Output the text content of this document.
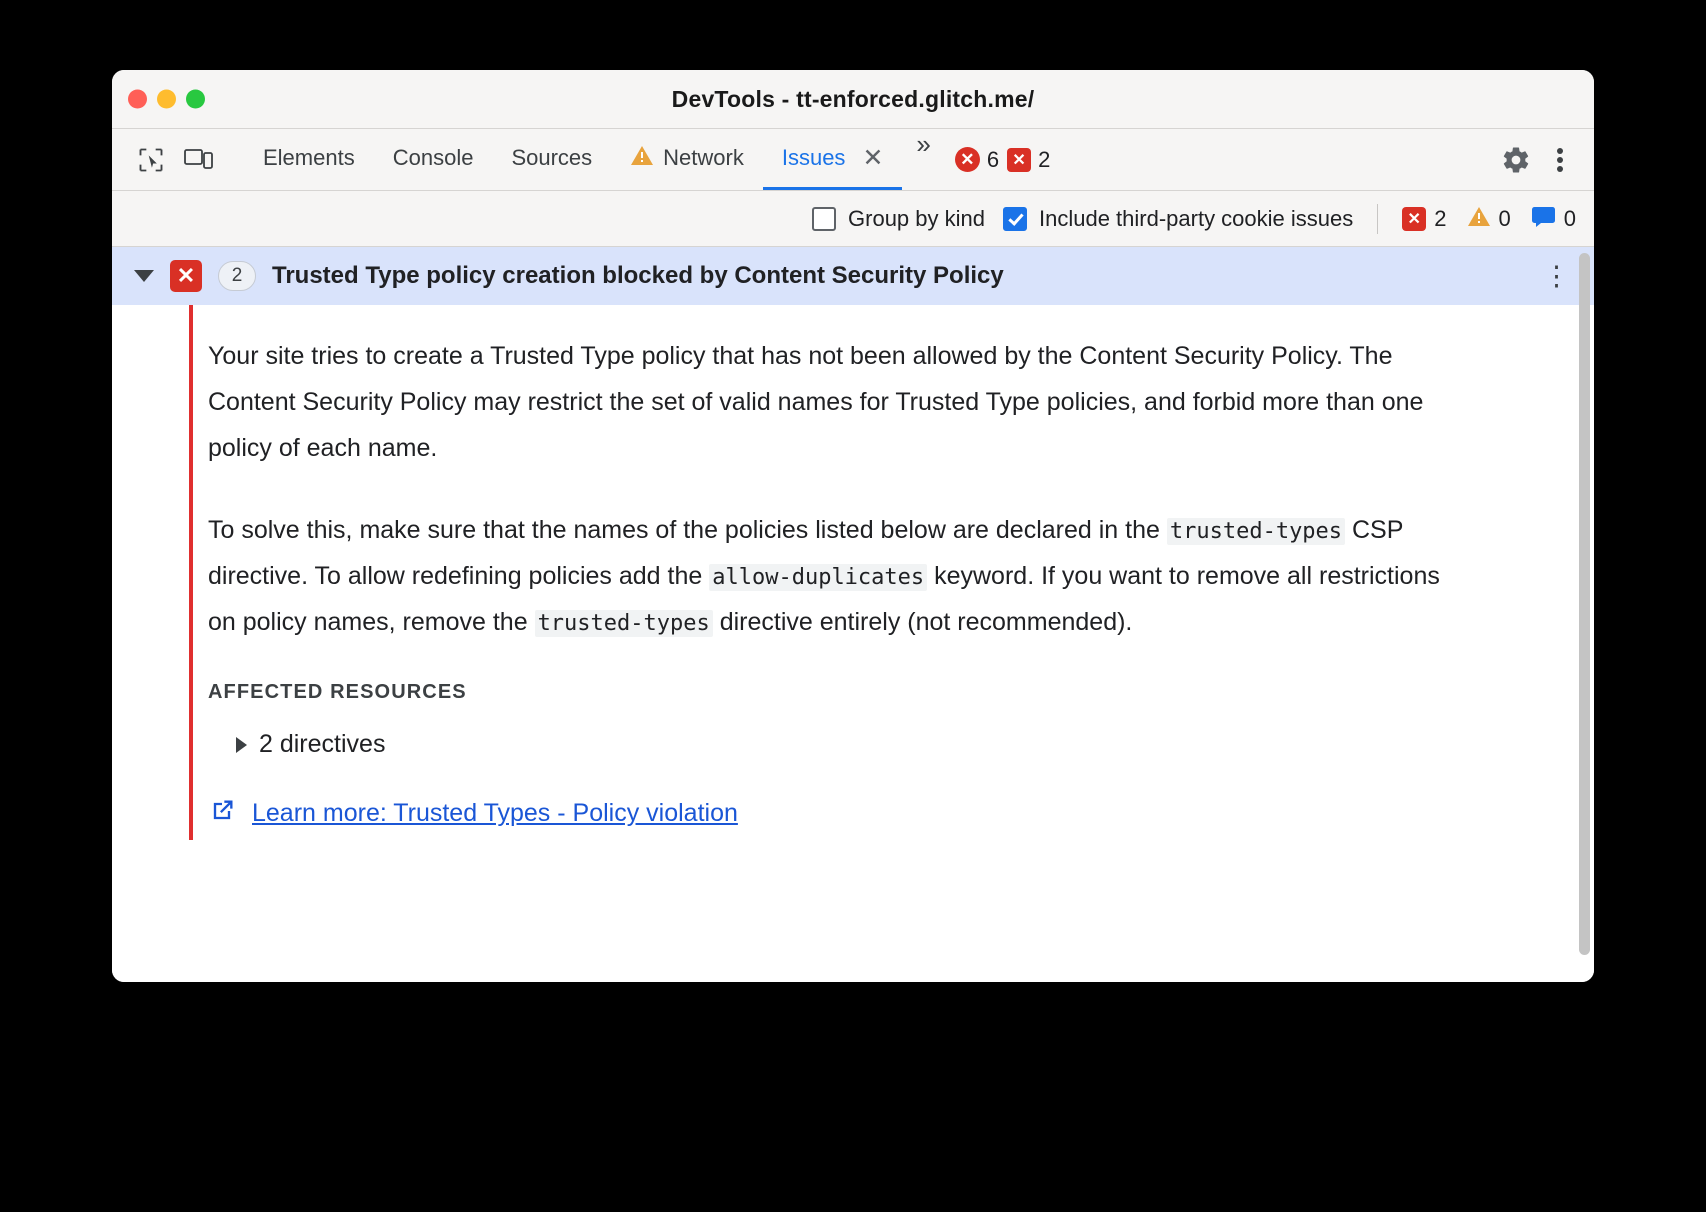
DevTools - tt-enforced.glitch.me/
Elements Console Sources	Network Issues ✕	»	✕ 6 ✕ 2
Group by kind Include third-party cookie issues	✕ 2 0 0
✕	2	Trusted Type policy creation blocked by Content Security Policy	⋮

Your site tries to create a Trusted Type policy that has not been allowed by the Content Security Policy. The Content Security Policy may restrict the set of valid names for Trusted Type policies, and forbid more than one policy of each name.

To solve this, make sure that the names of the policies listed below are declared in the trusted-types CSP directive. To allow redefining policies add the allow-duplicates keyword. If you want to remove all restrictions on policy names, remove the trusted-types directive entirely (not recommended).

AFFECTED RESOURCES
2 directives
Learn more: Trusted Types - Policy violation
